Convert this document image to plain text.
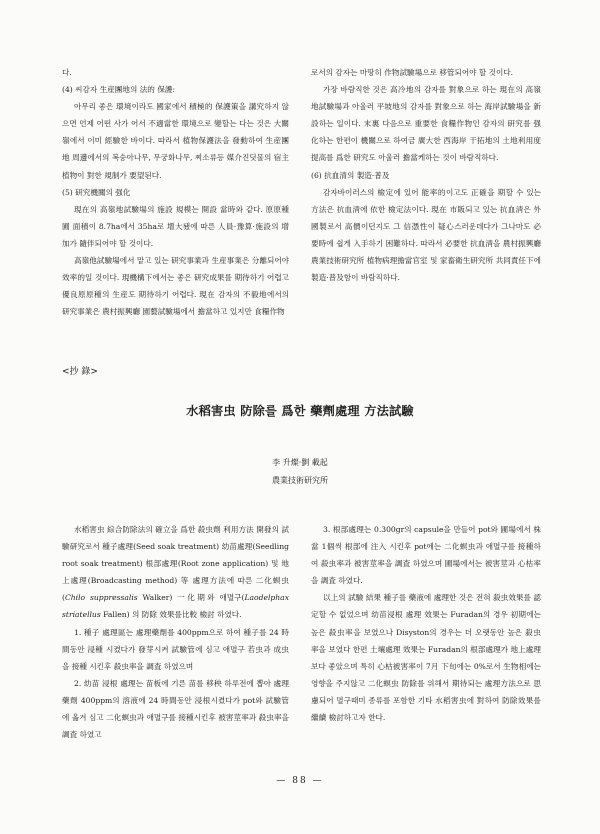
다.

(4) 씨감자 生産團地의 法的 保護:

아무리 좋은 環境이라도 國家에서 積極的 保護策을 講究하지 않으면 언제 어떤 사가 어서 不適當한 環境으로 變할는 다는 것은 大關嶺에서 이미 經驗한 바이다. 따라서 植物保護法을 發動하여 生産團地 周邊에서의 복숭아나무, 무궁화나무, 찌소류등 媒介진딧물의 宿主植物이 對한 規制가 要望된다.

(5) 研究機關의 强化

現在의 高嶺地試驗場의 施設 規模는 開設 當時와 같다. 原原種圃 面積이 8.7ha에서 35ha로 增大됐에 따른 人員·豫算·施設의 增加가 隨伴되어야 할 것이다.

高嶺他試驗場에서 맡고 있는 研究事業과 生産事業은 分離되어야 效率的일 것이다. 現機構下에서는 좋은 研究成果를 期待하기 어렵고 優良原原種의 生産도 期待하기 어렵다. 現在 감자의 不毅地에서의 研究事業은 農村振興廳 園藝試驗場에서 擔當하고 있지만 食糧作物

로서의 감자는 마땅히 作物試驗場으로 移管되어야 할 것이다.

가장 바람직한 것은 高冷地의 감자를 對象으로 하는 現在의 高嶺地試驗場과 아울러 平坡地의 감자를 對象으로 하는 海岸試驗場을 新設하는 일이다. 末裏 다음으로 重要한 食糧作物인 감자의 研究를 强化하는 한편이 機關으로 하여금 廣大한 西海岸 干拓地의 土地利用度 提高를 爲한 研究도 아울러 擔當케하는 것이 바람직하다.

(6) 抗血清의 製造·普及

감자바이러스의 檢定에 있어 能率的이고도 正確을 期할 수 있는 方法은 抗血淸에 依한 檢定法이다. 現在 市販되고 있는 抗血淸은 外國製로서 高價이던지도 그 信憑性이 疑心스러운데다가 그나마도 必要時에 쉽게 入手하기 困難하다. 따라서 必要한 抗血淸을 農村振興廳 農業技術研究所 植物病理擔當官室 및 家畜衛生研究所 共同責任下에 製造·普及함이 바람직하다.

<抄 錄>
水稻害虫 防除를 爲한 藥劑處理 方法試驗
李 升燦·劉 載起
農業技術研究所

水稻害虫 綜合防除法의 確立을 爲한 殺虫劑 利用方法 開發의 試驗研究로서 種子處理(Seed soak treatment) 幼苗處理(Seedling root soak treatment) 根部處理(Root zone application) 및 地上處理(Broadcasting method) 等 處理方法에 따른 二化螟虫(Chilo suppressalis Walker) 一化期와 애멸구(Laodelphax striatellus Fallen) 의 防除 效果를比較 檢討 하였다.

1. 種子 處理區는 處理藥劑를 400ppm으로 하여 種子를 24 時間동안 浸種 시켰다가 發芽시켜 試驗管에 심고 애멸구 若虫과 成虫을 接種 시킨후 殺虫率을 調査 하였으며

2. 幼苗 浸根 處理는 苗板에 기른 苗를 移秧 하루전에 뽑아 處理藥劑 400ppm의 溶液에 24 時間동안 浸根시켰다가 pot와 試驗管에 옮겨 심고 二化螟虫과 애멸구를 接種시킨후 被害莖率과 殺虫率을 調査 하였고

3. 根部處理는 0.300gr의 capsule을 만들어 pot와 圃場에서 株當 1個씩 根部에 注入 시킨후 pot에는 二化螟虫과 애멸구를 接種하여 殺虫率과 被害莖率을 調査 하였으며 圃場에서는 被害莖과 心枯率을 調査 하였다.

以上의 試驗 結果 種子를 藥液에 處理한 것은 전혀 殺虫效果를 認定할 수 없었으며 幼苗浸根 處理 效果는 Furadan의 경우 初期에는 높은 殺虫率을 보였으나 Disyston의 경우는 더 오랫동안 높은 殺虫率을 보였다 한편 土壤處理 效果는 Furadan의 根部處理가 地上處理 보다 좋았으며 특히 心枯被害率이 7月 下旬에는 0%로서 生物相에는 영향을 주지않고 二化螟虫 防除를 위해서 期待되는 處理方法으로 思慮되어 멸구때미 종류를 포함한 기타 水稻害虫에 對하여 防除效果를 繼續 檢討하고자 한다.

— 88 —
